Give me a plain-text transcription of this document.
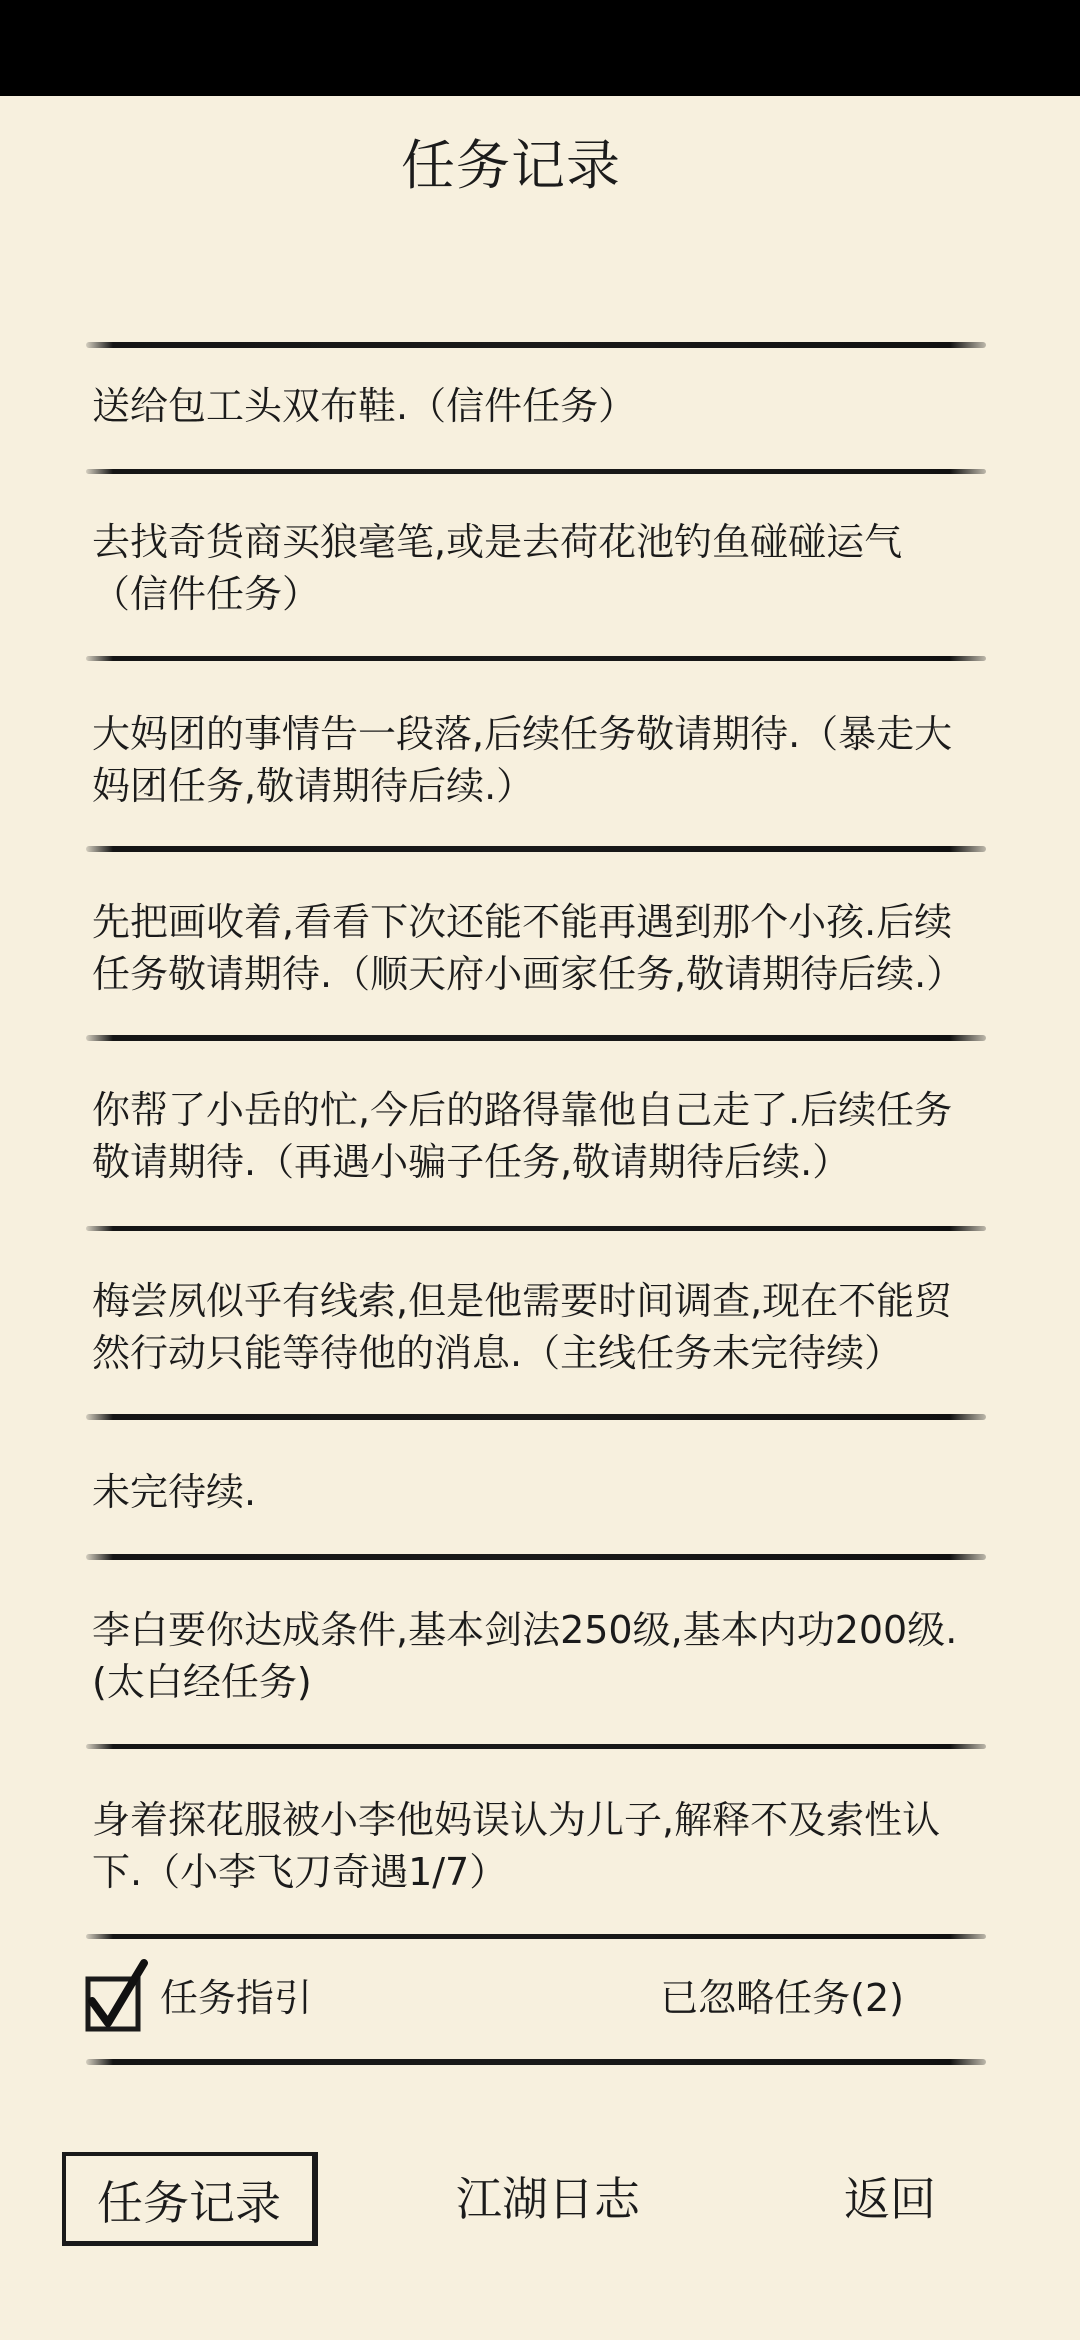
任务记录
送给包工头双布鞋.（信件任务）
去找奇货商买狼毫笔,或是去荷花池钓鱼碰碰运气
（信件任务）
大妈团的事情告一段落,后续任务敬请期待.（暴走大
妈团任务,敬请期待后续.）
先把画收着,看看下次还能不能再遇到那个小孩.后续
任务敬请期待.（顺天府小画家任务,敬请期待后续.）
你帮了小岳的忙,今后的路得靠他自己走了.后续任务
敬请期待.（再遇小骗子任务,敬请期待后续.）
梅尝夙似乎有线索,但是他需要时间调查,现在不能贸
然行动只能等待他的消息.（主线任务未完待续）
未完待续.
李白要你达成条件,基本剑法250级,基本内功200级.
(太白经任务)
身着探花服被小李他妈误认为儿子,解释不及索性认
下.（小李飞刀奇遇1/7）
任务指引	已忽略任务(2)
任务记录	江湖日志	返回
